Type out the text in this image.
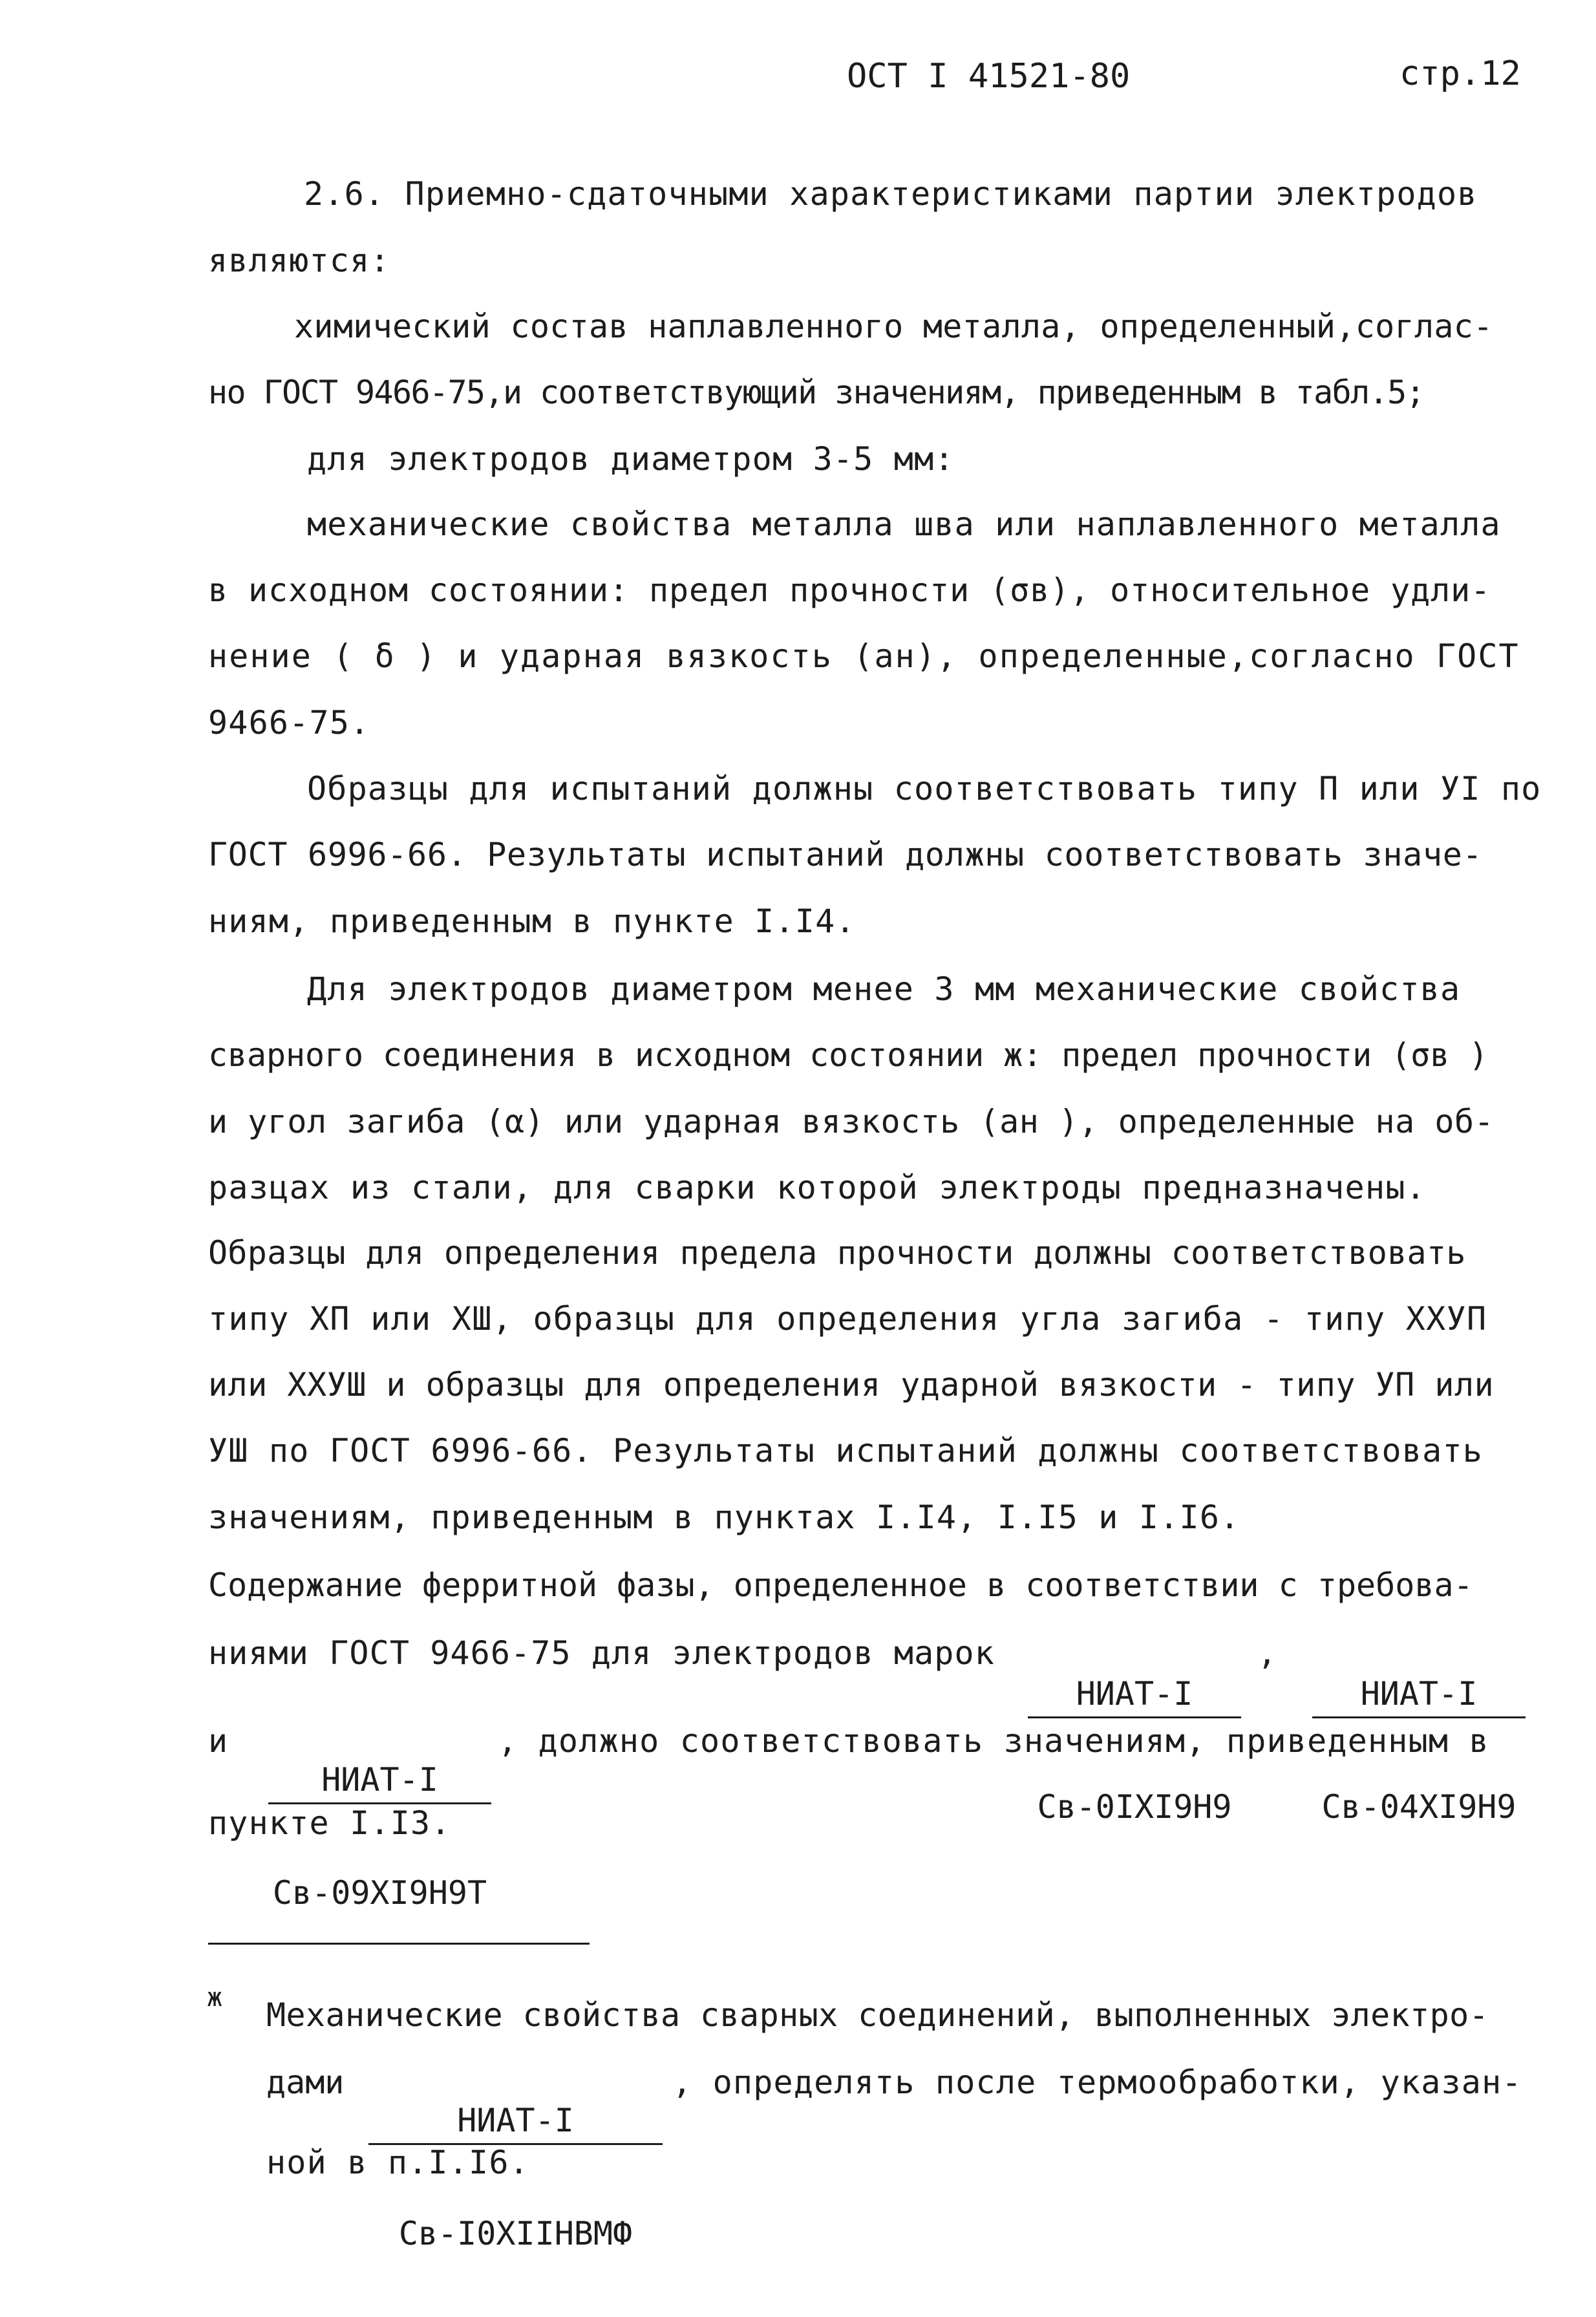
ОСТ I 41521-80	стр.12
2.6. Приемно-сдаточными характеристиками партии электродов
являются:
химический состав наплавленного металла, определенный,соглас-
но ГОСТ 9466-75,и соответствующий значениям, приведенным в табл.5;
для электродов диаметром 3-5 мм:
механические свойства металла шва или наплавленного металла
в исходном состоянии: предел прочности (σв), относительное удли-
нение ( δ ) и ударная вязкость (ан), определенные,согласно ГОСТ
9466-75.
Образцы для испытаний должны соответствовать типу П или УI по
ГОСТ 6996-66. Результаты испытаний должны соответствовать значе-
ниям, приведенным в пункте I.I4.
Для электродов диаметром менее 3 мм механические свойства
сварного соединения в исходном состоянии ж: предел прочности (σв )
и угол загиба (α) или ударная вязкость (ан ), определенные на об-
разцах из стали, для сварки которой электроды предназначены.
Образцы для определения предела прочности должны соответствовать
типу ХП или ХШ, образцы для определения угла загиба - типу ХХУП
или ХХУШ и образцы для определения ударной вязкости - типу УП или
УШ по ГОСТ 6996-66. Результаты испытаний должны соответствовать
значениям, приведенным в пунктах I.I4, I.I5 и I.I6.
Содержание ферритной фазы, определенное в соответствии с требова-
ниями ГОСТ 9466-75 для электродов марок

НИАТ-I

Св-0IXI9Н9

,

НИАТ-I

Св-04XI9Н9

и

НИАТ-I

Св-09XI9Н9Т

, должно соответствовать значениям, приведенным в
пункте I.I3.
ж Механические свойства сварных соединений, выполненных электро-
дами

НИАТ-I

Св-I0XIIНВМФ

, определять после термообработки, указан-
ной в п.I.I6.
